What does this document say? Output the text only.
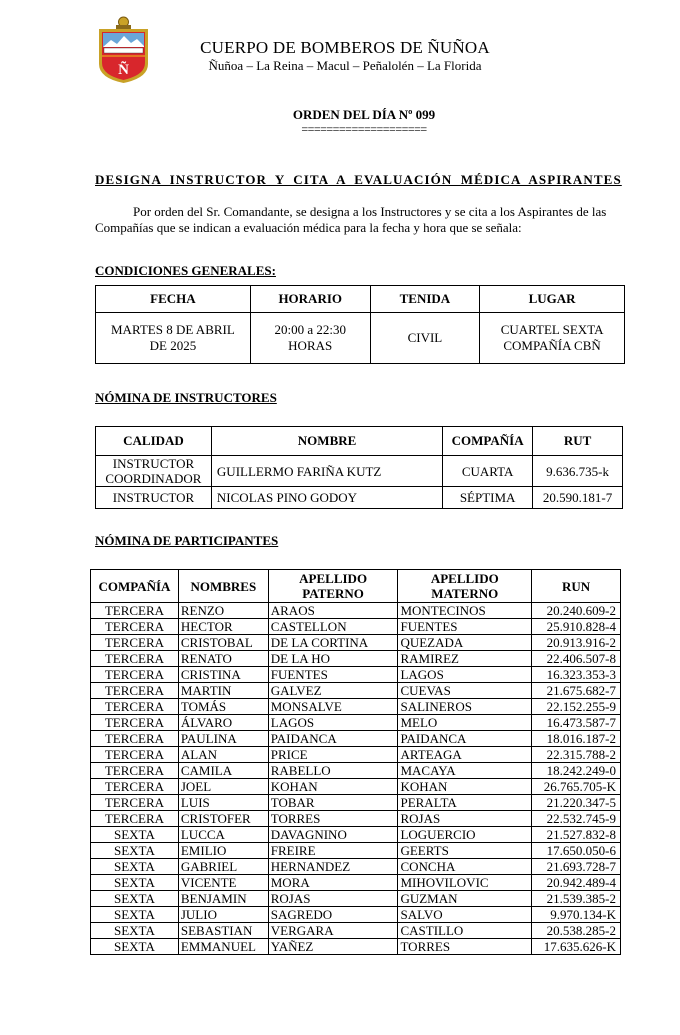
Ñ
CUERPO DE BOMBEROS DE ÑUÑOA
Ñuñoa – La Reina – Macul – Peñalolén – La Florida
ORDEN DEL DÍA Nº 099
====================
DESIGNA INSTRUCTOR Y CITA A EVALUACIÓN MÉDICA ASPIRANTES

Por orden del Sr. Comandante, se designa a los Instructores y se cita a los Aspirantes de las Compañías que se indican a evaluación médica para la fecha y hora que se señala:

CONDICIONES GENERALES:
FECHA	HORARIO	TENIDA	LUGAR

MARTES 8 DE ABRIL DE 2025	20:00 a 22:30 HORAS	CIVIL	CUARTEL SEXTA COMPAÑÍA CBÑ
NÓMINA DE INSTRUCTORES
CALIDAD	NOMBRE	COMPAÑÍA	RUT

INSTRUCTOR COORDINADOR	GUILLERMO FARIÑA KUTZ	CUARTA	9.636.735-k
INSTRUCTOR	NICOLAS PINO GODOY	SÉPTIMA	20.590.181-7
NÓMINA DE PARTICIPANTES
COMPAÑÍA	NOMBRES	APELLIDO PATERNO	APELLIDO MATERNO	RUN
TERCERA	RENZO	ARAOS	MONTECINOS	20.240.609-2
TERCERA	HECTOR	CASTELLON	FUENTES	25.910.828-4
TERCERA	CRISTOBAL	DE LA CORTINA	QUEZADA	20.913.916-2
TERCERA	RENATO	DE LA HO	RAMIREZ	22.406.507-8
TERCERA	CRISTINA	FUENTES	LAGOS	16.323.353-3
TERCERA	MARTIN	GALVEZ	CUEVAS	21.675.682-7
TERCERA	TOMÁS	MONSALVE	SALINEROS	22.152.255-9
TERCERA	ÁLVARO	LAGOS	MELO	16.473.587-7
TERCERA	PAULINA	PAIDANCA	PAIDANCA	18.016.187-2
TERCERA	ALAN	PRICE	ARTEAGA	22.315.788-2
TERCERA	CAMILA	RABELLO	MACAYA	18.242.249-0
TERCERA	JOEL	KOHAN	KOHAN	26.765.705-K
TERCERA	LUIS	TOBAR	PERALTA	21.220.347-5
TERCERA	CRISTOFER	TORRES	ROJAS	22.532.745-9
SEXTA	LUCCA	DAVAGNINO	LOGUERCIO	21.527.832-8
SEXTA	EMILIO	FREIRE	GEERTS	17.650.050-6
SEXTA	GABRIEL	HERNANDEZ	CONCHA	21.693.728-7
SEXTA	VICENTE	MORA	MIHOVILOVIC	20.942.489-4
SEXTA	BENJAMIN	ROJAS	GUZMAN	21.539.385-2
SEXTA	JULIO	SAGREDO	SALVO	9.970.134-K
SEXTA	SEBASTIAN	VERGARA	CASTILLO	20.538.285-2
SEXTA	EMMANUEL	YAÑEZ	TORRES	17.635.626-K
